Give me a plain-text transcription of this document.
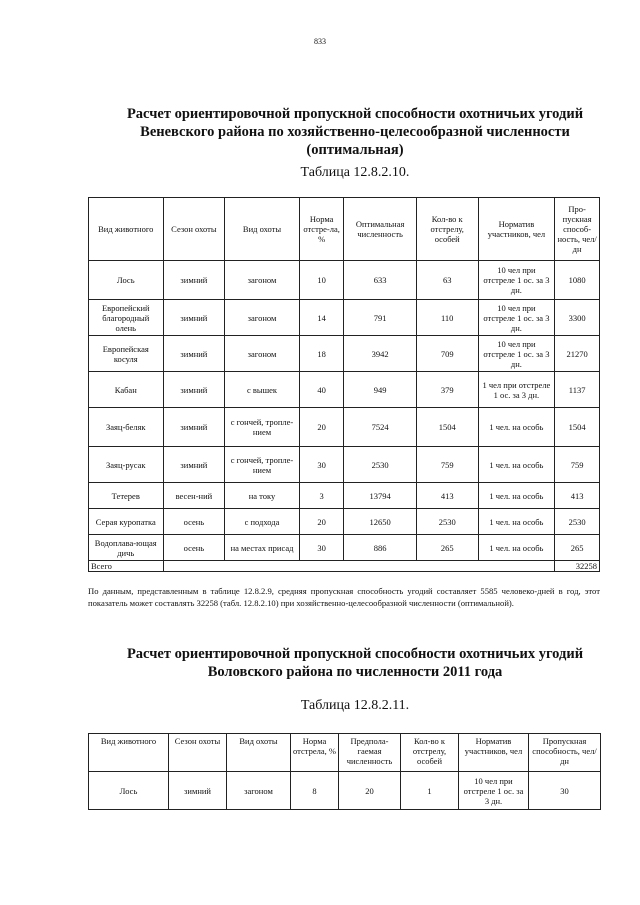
833
Расчет ориентировочной пропускной способности охотничьих угодий
Веневского района по хозяйственно-целесообразной численности
(оптимальная)
Таблица 12.8.2.10.
Вид животного	Сезон охоты	Вид охоты	Норма отстре-ла, %	Оптимальная численность	Кол-во к отстрелу, особей	Норматив участников, чел	Про-пускная способ-ность, чел/дн
Лось	зимний	загоном	10	633	63	10 чел при отстреле 1 ос. за 3 дн.	1080
Европейский благородный олень	зимний	загоном	14	791	110	10 чел при отстреле 1 ос. за 3 дн.	3300
Европейская косуля	зимний	загоном	18	3942	709	10 чел при отстреле 1 ос. за 3 дн.	21270
Кабан	зимний	с вышек	40	949	379	1 чел при отстреле 1 ос. за 3 дн.	1137
Заяц-беляк	зимний	с гончей, тропле-нием	20	7524	1504	1 чел. на особь	1504
Заяц-русак	зимний	с гончей, тропле-нием	30	2530	759	1 чел. на особь	759
Тетерев	весен-ний	на току	3	13794	413	1 чел. на особь	413
Серая куропатка	осень	с подхода	20	12650	2530	1 чел. на особь	2530
Водоплава-ющая дичь	осень	на местах присад	30	886	265	1 чел. на особь	265
Всего							32258
По данным, представленным в таблице 12.8.2.9, средняя пропускная способность угодий составляет 5585 человеко-дней в год, этот показатель может составлять 32258 (табл. 12.8.2.10) при хозяйственно-целесообразной численности (оптимальной).
Расчет ориентировочной пропускной способности охотничьих угодий
Воловского района по численности 2011 года
Таблица 12.8.2.11.
Вид животного	Сезон охоты	Вид охоты	Норма отстрела, %	Предпола-гаемая численность	Кол-во к отстрелу, особей	Норматив участников, чел	Пропускная способность, чел/дн
Лось	зимний	загоном	8	20	1	10 чел при отстреле 1 ос. за 3 дн.	30
